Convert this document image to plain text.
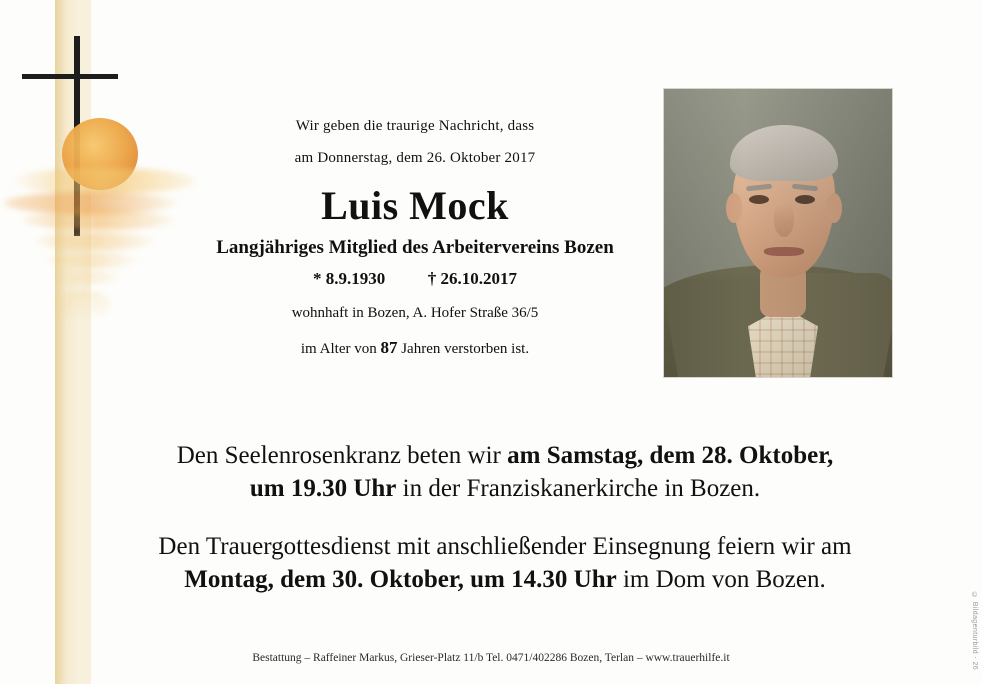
Wir geben die traurige Nachricht, dass

am Donnerstag, dem 26. Oktober 2017

Luis Mock

Langjähriges Mitglied des Arbeitervereins Bozen

* 8.9.1930	† 26.10.2017

wohnhaft in Bozen, A. Hofer Straße 36/5

im Alter von 87 Jahren verstorben ist.

Den Seelenrosenkranz beten wir am Samstag, dem 28. Oktober,
um 19.30 Uhr in der Franziskanerkirche in Bozen.

Den Trauergottesdienst mit anschließender Einsegnung feiern wir am
Montag, dem 30. Oktober, um 14.30 Uhr im Dom von Bozen.

Bestattung – Raffeiner Markus, Grieser-Platz 11/b Tel. 0471/402286 Bozen, Terlan – www.trauerhilfe.it	© Bildagenturbild - 26
